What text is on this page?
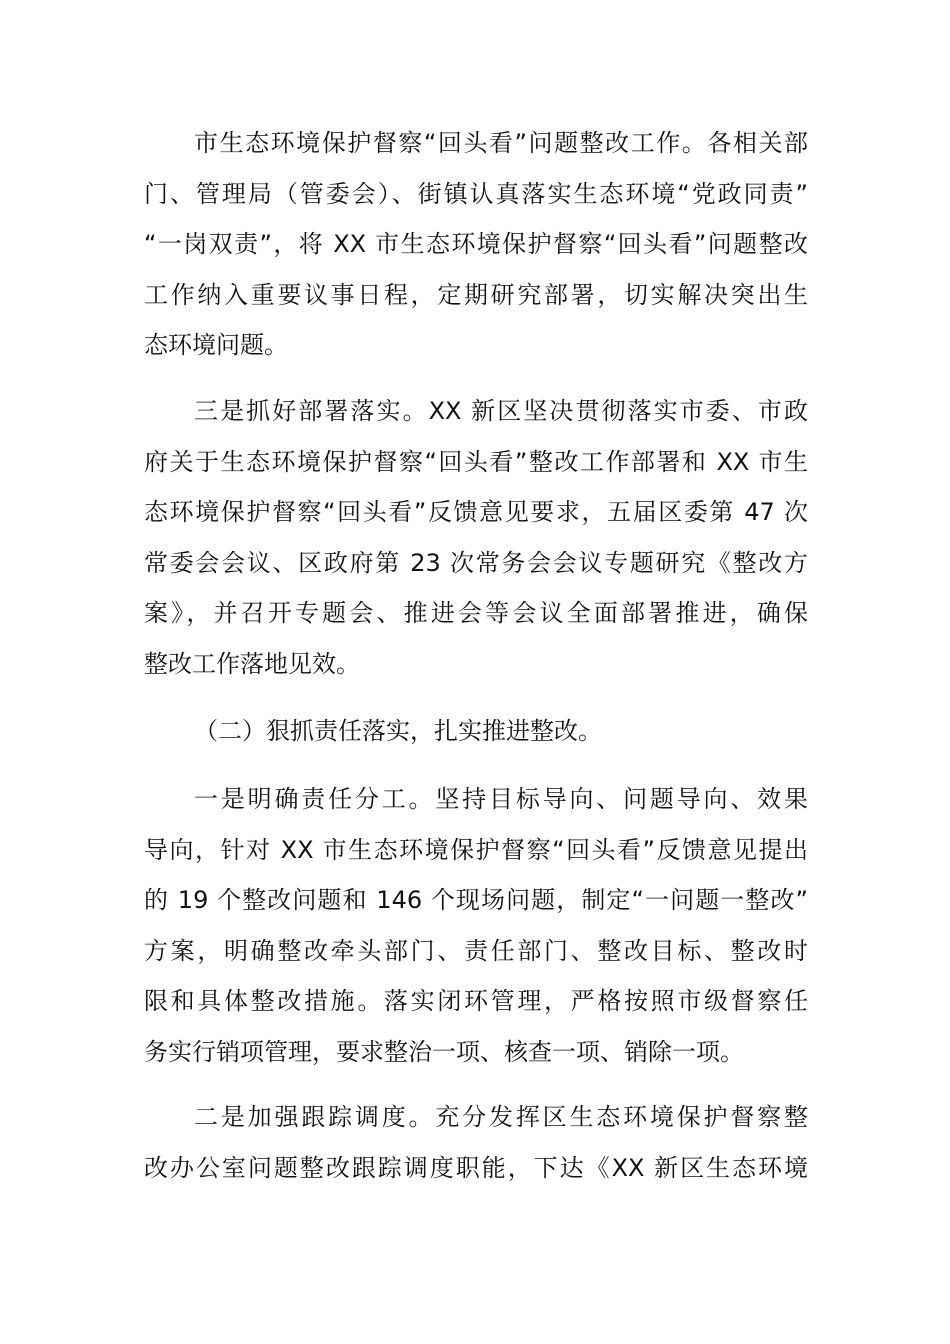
市生态环境保护督察“回头看”问题整改工作。各相关部
门、管理局（管委会）、街镇认真落实生态环境“党政同责”
“一岗双责”，将 XX 市生态环境保护督察“回头看”问题整改
工作纳入重要议事日程，定期研究部署，切实解决突出生
态环境问题。
三是抓好部署落实。XX 新区坚决贯彻落实市委、市政
府关于生态环境保护督察“回头看”整改工作部署和 XX 市生
态环境保护督察“回头看”反馈意见要求，五届区委第 47 次
常委会会议、区政府第 23 次常务会会议专题研究《整改方
案》，并召开专题会、推进会等会议全面部署推进，确保
整改工作落地见效。
（二）狠抓责任落实，扎实推进整改。
一是明确责任分工。坚持目标导向、问题导向、效果
导向，针对 XX 市生态环境保护督察“回头看”反馈意见提出
的 19 个整改问题和 146 个现场问题，制定“一问题一整改”
方案，明确整改牵头部门、责任部门、整改目标、整改时
限和具体整改措施。落实闭环管理，严格按照市级督察任
务实行销项管理，要求整治一项、核查一项、销除一项。
二是加强跟踪调度。充分发挥区生态环境保护督察整
改办公室问题整改跟踪调度职能，下达《XX 新区生态环境
